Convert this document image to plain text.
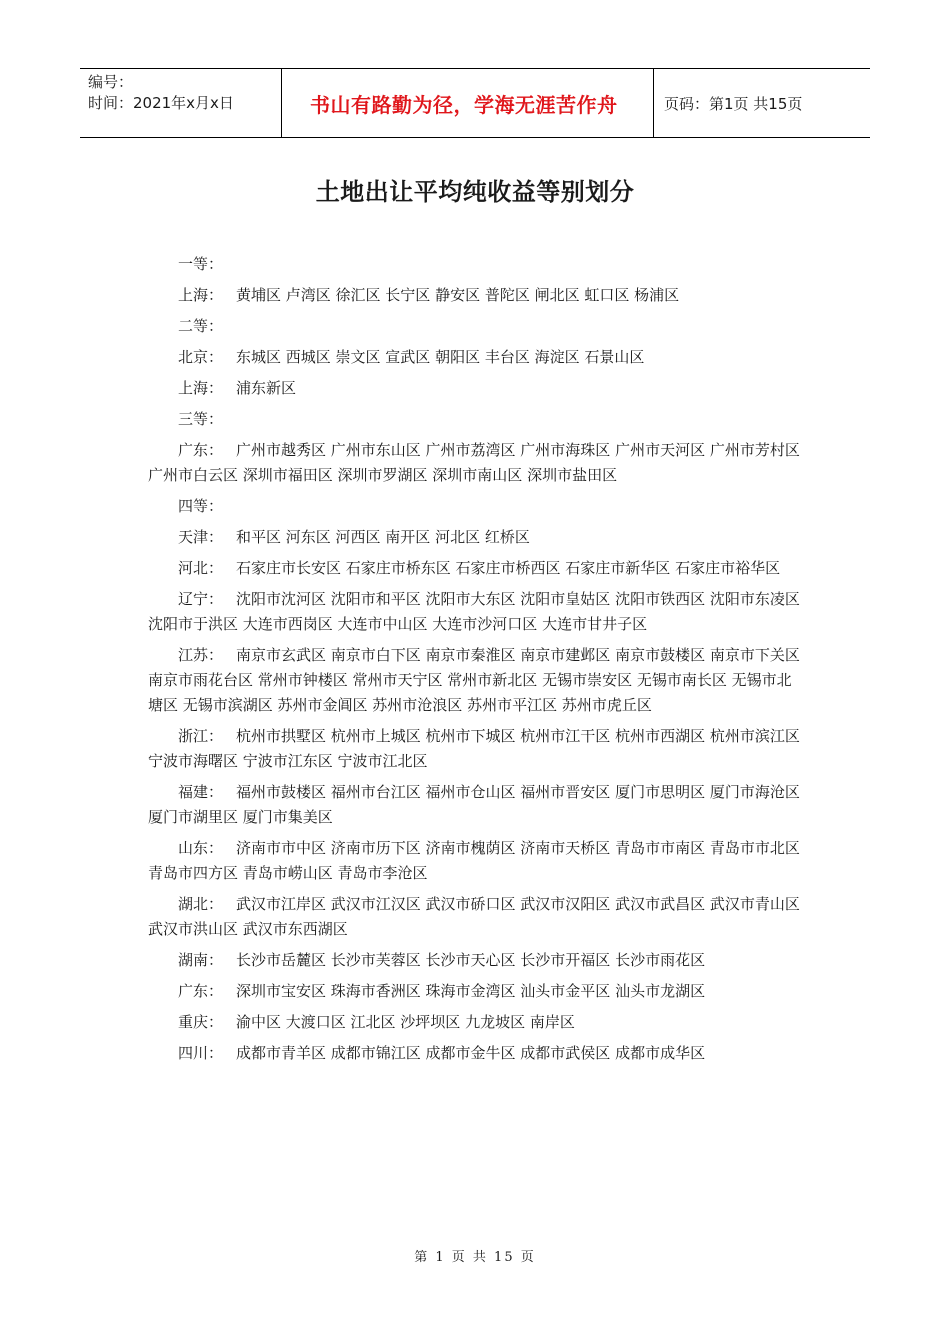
编号：
时间：2021年x月x日	书山有路勤为径，学海无涯苦作舟	页码：第1页 共15页
土地出让平均纯收益等别划分

一等：

上海： 黄埔区 卢湾区 徐汇区 长宁区 静安区 普陀区 闸北区 虹口区 杨浦区

二等：

北京： 东城区 西城区 崇文区 宣武区 朝阳区 丰台区 海淀区 石景山区

上海： 浦东新区

三等：

广东： 广州市越秀区 广州市东山区 广州市荔湾区 广州市海珠区 广州市天河区 广州市芳村区 广州市白云区 深圳市福田区 深圳市罗湖区 深圳市南山区 深圳市盐田区

四等：

天津： 和平区 河东区 河西区 南开区 河北区 红桥区

河北： 石家庄市长安区 石家庄市桥东区 石家庄市桥西区 石家庄市新华区 石家庄市裕华区

辽宁： 沈阳市沈河区 沈阳市和平区 沈阳市大东区 沈阳市皇姑区 沈阳市铁西区 沈阳市东凌区 沈阳市于洪区 大连市西岗区 大连市中山区 大连市沙河口区 大连市甘井子区

江苏： 南京市玄武区 南京市白下区 南京市秦淮区 南京市建邺区 南京市鼓楼区 南京市下关区 南京市雨花台区 常州市钟楼区 常州市天宁区 常州市新北区 无锡市崇安区 无锡市南长区 无锡市北塘区 无锡市滨湖区 苏州市金阊区 苏州市沧浪区 苏州市平江区 苏州市虎丘区

浙江： 杭州市拱墅区 杭州市上城区 杭州市下城区 杭州市江干区 杭州市西湖区 杭州市滨江区 宁波市海曙区 宁波市江东区 宁波市江北区

福建： 福州市鼓楼区 福州市台江区 福州市仓山区 福州市晋安区 厦门市思明区 厦门市海沧区 厦门市湖里区 厦门市集美区

山东： 济南市市中区 济南市历下区 济南市槐荫区 济南市天桥区 青岛市市南区 青岛市市北区 青岛市四方区 青岛市崂山区 青岛市李沧区

湖北： 武汉市江岸区 武汉市江汉区 武汉市硚口区 武汉市汉阳区 武汉市武昌区 武汉市青山区 武汉市洪山区 武汉市东西湖区

湖南： 长沙市岳麓区 长沙市芙蓉区 长沙市天心区 长沙市开福区 长沙市雨花区

广东： 深圳市宝安区 珠海市香洲区 珠海市金湾区 汕头市金平区 汕头市龙湖区

重庆： 渝中区 大渡口区 江北区 沙坪坝区 九龙坡区 南岸区

四川： 成都市青羊区 成都市锦江区 成都市金牛区 成都市武侯区 成都市成华区

第 1 页 共 15 页
